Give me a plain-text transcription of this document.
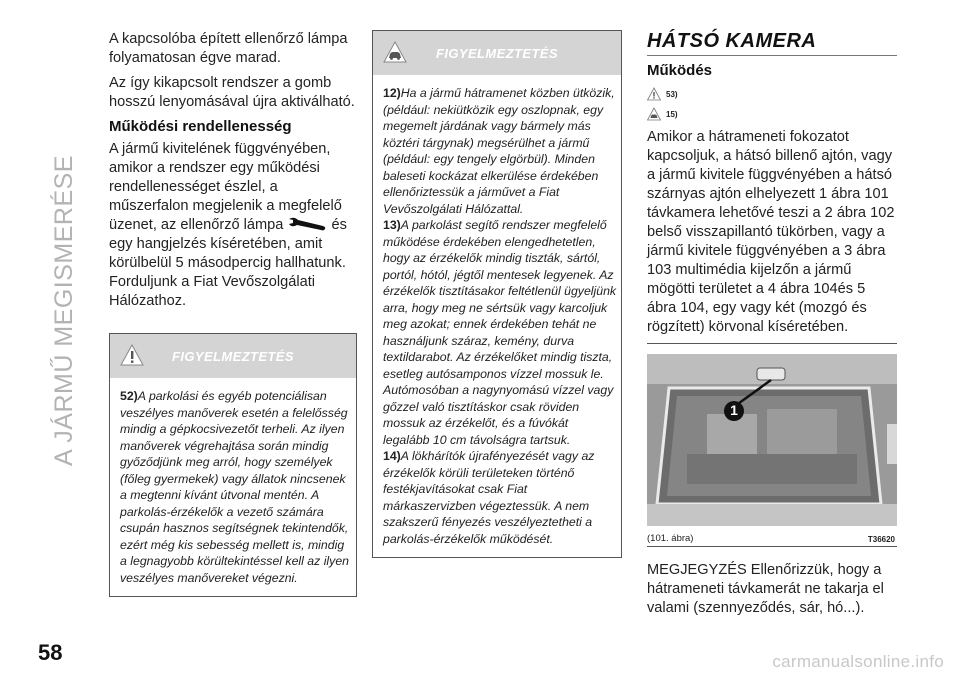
A JÁRMŰ MEGISMERÉSE

A kapcsolóba épített ellenőrző lámpa folyamatosan égve marad.

Az így kikapcsolt rendszer a gomb hosszú lenyomásával újra aktiválható.

Működési rendellenesség

A jármű kivitelének függvényében, amikor a rendszer egy működési rendellenességet észlel, a műszerfalon megjelenik a megfelelő üzenet, az ellenőrző lámpa	és egy hangjelzés kíséretében, amit körülbelül 5 másodpercig hallhatunk. Forduljunk a Fiat Vevőszolgálati Hálózathoz.

FIGYELMEZTETÉS

52)A parkolási és egyéb potenciálisan veszélyes manőverek esetén a felelősség mindig a gépkocsivezetőt terheli. Az ilyen manőverek végrehajtása során mindig győződjünk meg arról, hogy személyek (főleg gyermekek) vagy állatok nincsenek a megtenni kívánt útvonal mentén. A parkolás-érzékelők a vezető számára csupán hasznos segítségnek tekintendők, ezért még kis sebesség mellett is, mindig a legnagyobb körültekintéssel kell az ilyen veszélyes manővereket végezni.

FIGYELMEZTETÉS

12)Ha a jármű hátramenet közben ütközik, (például: nekiütközik egy oszlopnak, egy megemelt járdának vagy bármely más köztéri tárgynak) megsérülhet a jármű (például: egy tengely elgörbül). Minden baleseti kockázat elkerülése érdekében ellenőriztessük a járművet a Fiat Vevőszolgálati Hálózattal.

13)A parkolást segítő rendszer megfelelő működése érdekében elengedhetetlen, hogy az érzékelők mindig tiszták, sártól, portól, hótól, jégtől mentesek legyenek. Az érzékelők tisztításakor feltétlenül ügyeljünk arra, hogy meg ne sértsük vagy karcoljuk meg azokat; ennek érdekében tehát ne használjunk száraz, kemény, durva textildarabot. Az érzékelőket mindig tiszta, esetleg autósamponos vízzel mossuk le. Autómosóban a nagynyomású vízzel vagy gőzzel való tisztításkor csak röviden mossuk az érzékelőt, és a fúvókát legalább 10 cm távolságra tartsuk.

14)A lökhárítók újrafényezését vagy az érzékelők körüli területeken történő festékjavításokat csak Fiat márkaszervizben végeztessük. A nem szakszerű fényezés veszélyeztetheti a parkolás-érzékelők működését.

HÁTSÓ KAMERA
Működés
53)
15)

Amikor a hátrameneti fokozatot kapcsoljuk, a hátsó billenő ajtón, vagy a jármű kivitele függvényében a hátsó szárnyas ajtón elhelyezett 1 ábra 101 távkamera lehetővé teszi a 2 ábra 102 belső visszapillantó tükörben, vagy a jármű kivitele függvényében a 3 ábra 103 multimédia kijelzőn a jármű mögötti területet a 4 ábra 104és 5 ábra 104, egy vagy két (mozgó és rögzített) körvonal kíséretében.

1
(101. ábra)	T36620

MEGJEGYZÉS Ellenőrizzük, hogy a hátrameneti távkamerát ne takarja el valami (szennyeződés, sár, hó...).

58	carmanualsonline.info
